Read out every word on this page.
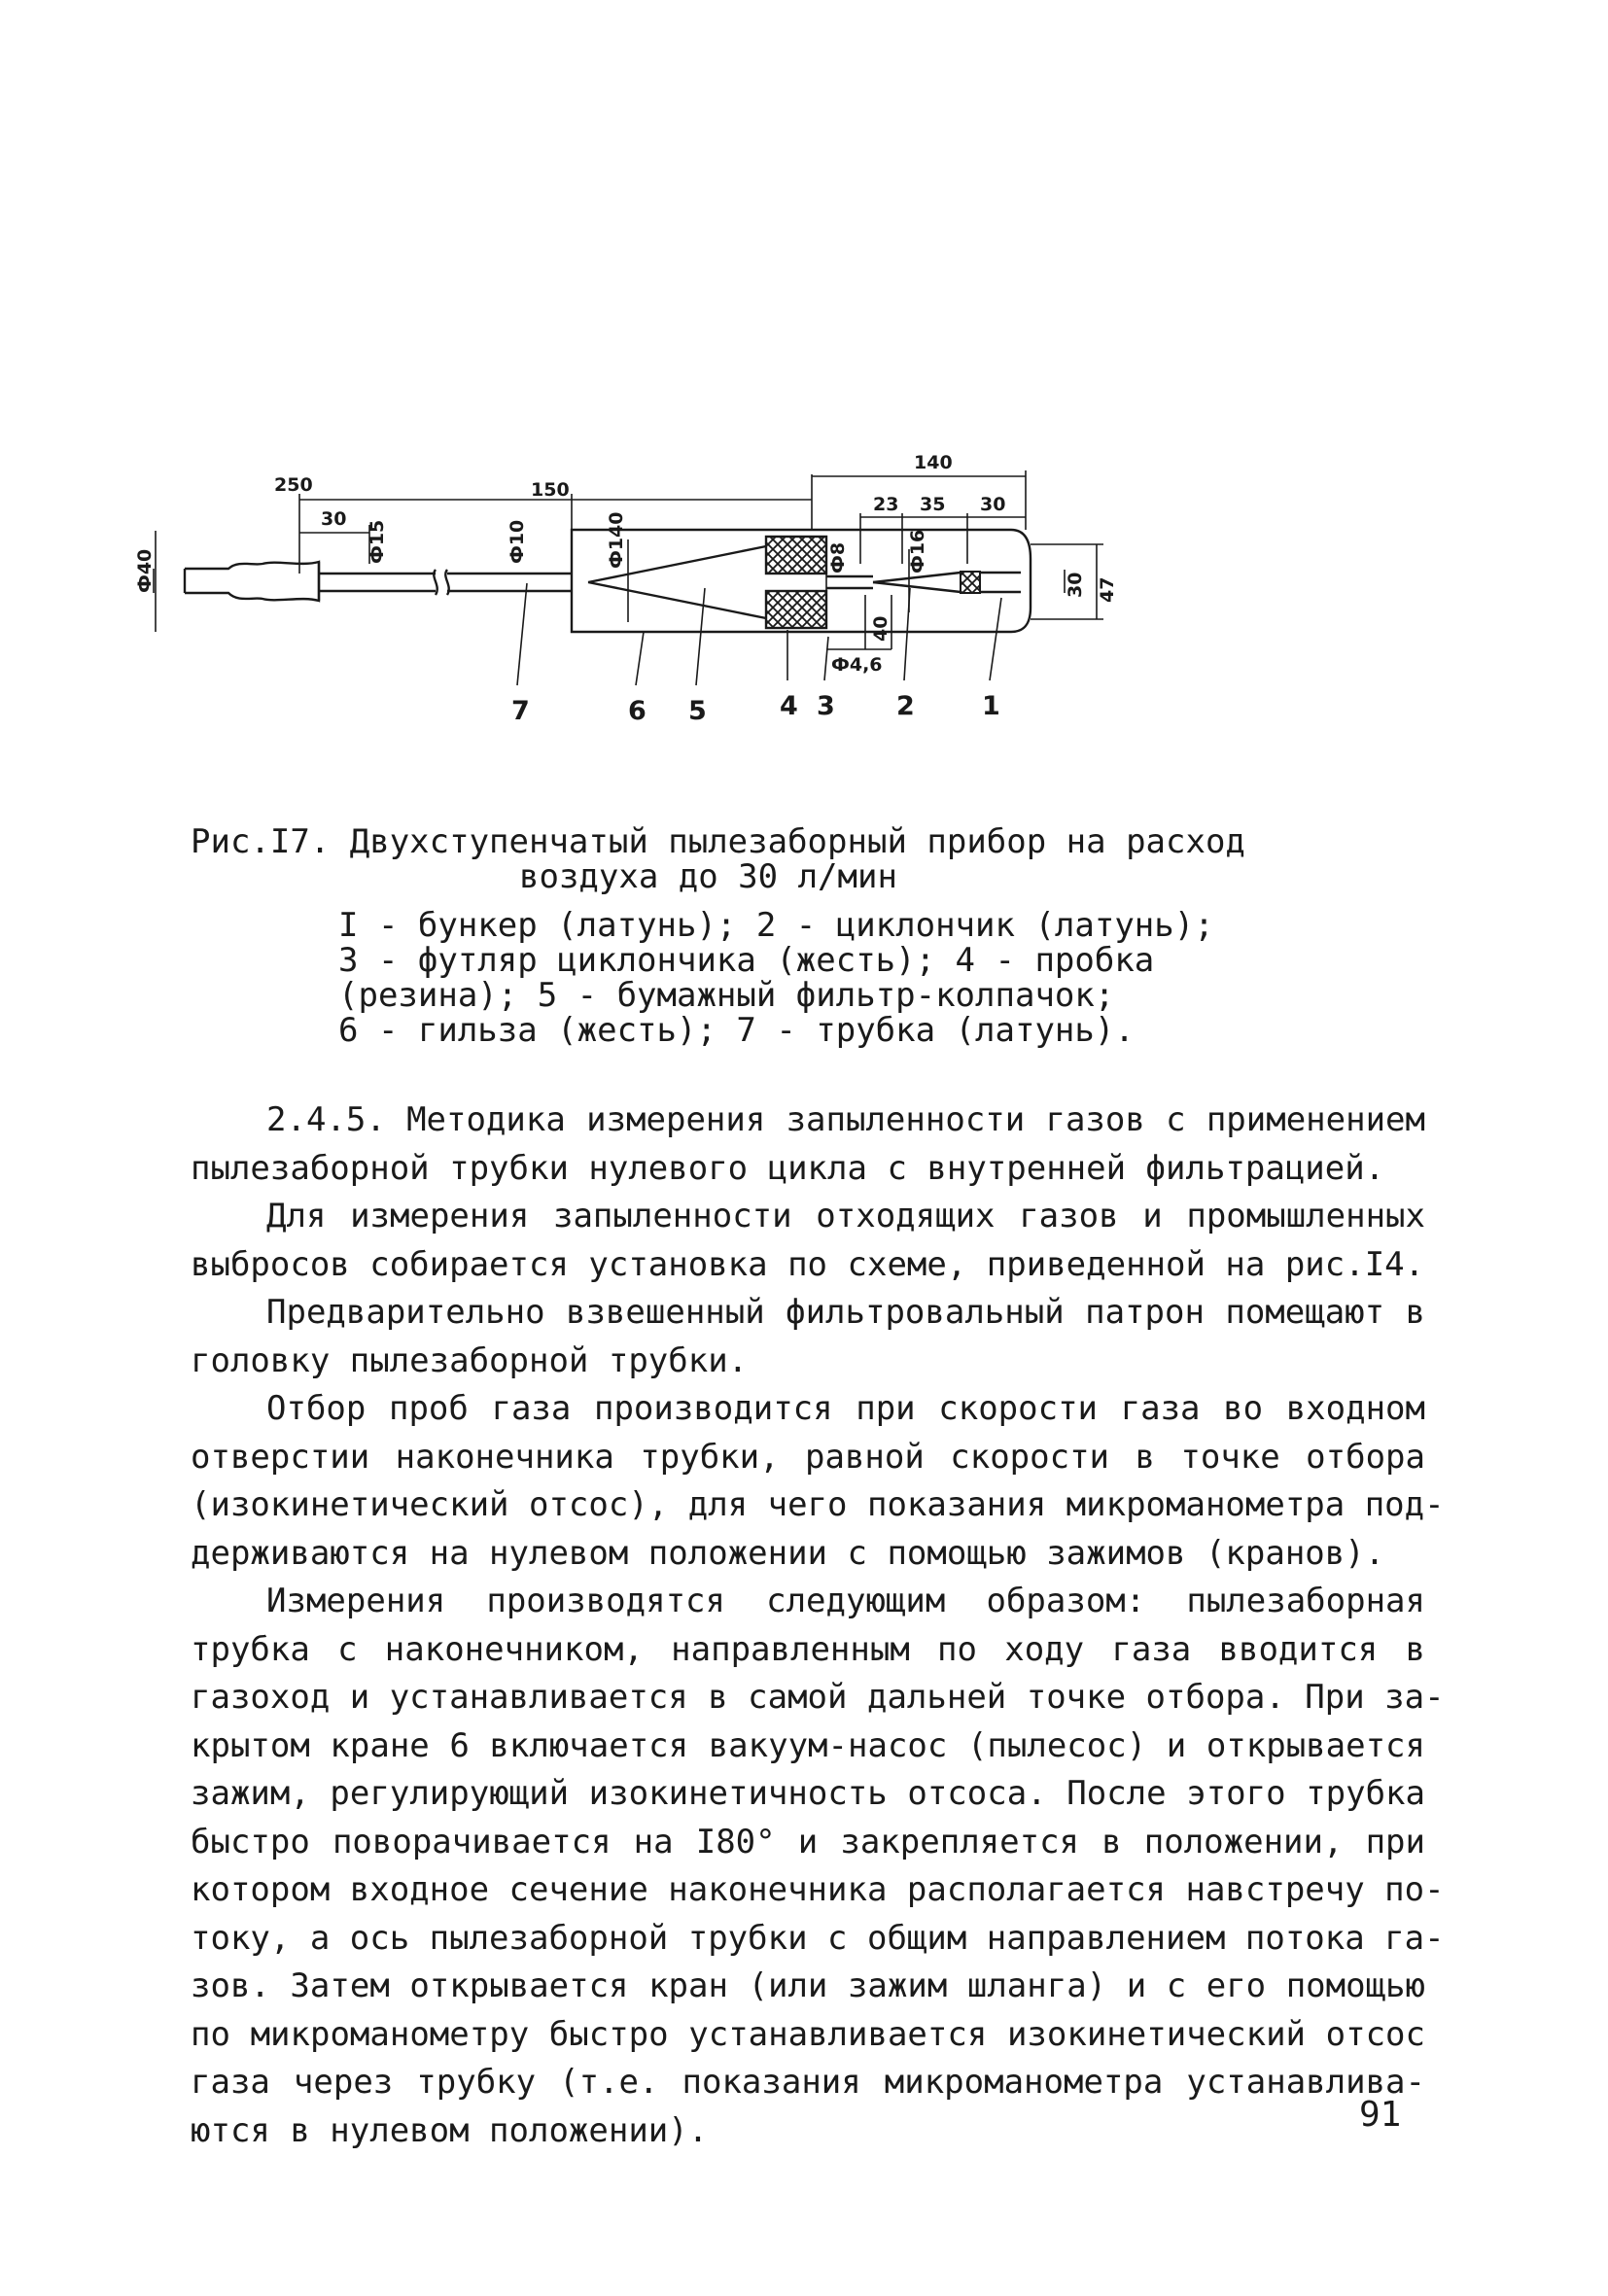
250
30
150
140
23 35 30
Ф40
Ф15	Ф10	Ф140	Ф8	Ф16
Ф4,6
30
40
47
7	6 5	4 3 2	1
Рис.I7. Двухступенчатый пылезаборный прибор на расход
воздуха до 30 л/мин
I - бункер (латунь); 2 - циклончик (латунь);
3 - футляр циклончика (жесть); 4 - пробка
(резина); 5 - бумажный фильтр-колпачок;
6 - гильза (жесть); 7 - трубка (латунь).
2.4.5. Методика измерения запыленности газов с применением
пылезаборной трубки нулевого цикла с внутренней фильтрацией.
Для измерения запыленности отходящих газов и промышленных
выбросов собирается установка по схеме, приведенной на рис.I4.
Предварительно взвешенный фильтровальный патрон помещают в
головку пылезаборной трубки.
Отбор проб газа производится при скорости газа во входном
отверстии наконечника трубки, равной скорости в точке отбора
(изокинетический отсос), для чего показания микроманометра под-
держиваются на нулевом положении с помощью зажимов (кранов).
Измерения производятся следующим образом: пылезаборная
трубка с наконечником, направленным по ходу газа вводится в
газоход и устанавливается в самой дальней точке отбора. При за-
крытом кране 6 включается вакуум-насос (пылесос) и открывается
зажим, регулирующий изокинетичность отсоса. После этого трубка
быстро поворачивается на I80° и закрепляется в положении, при
котором входное сечение наконечника располагается навстречу по-
току, а ось пылезаборной трубки с общим направлением потока га-
зов. Затем открывается кран (или зажим шланга) и с его помощью
по микроманометру быстро устанавливается изокинетический отсос
газа через трубку (т.е. показания микроманометра устанавлива-
ются в нулевом положении).	91
